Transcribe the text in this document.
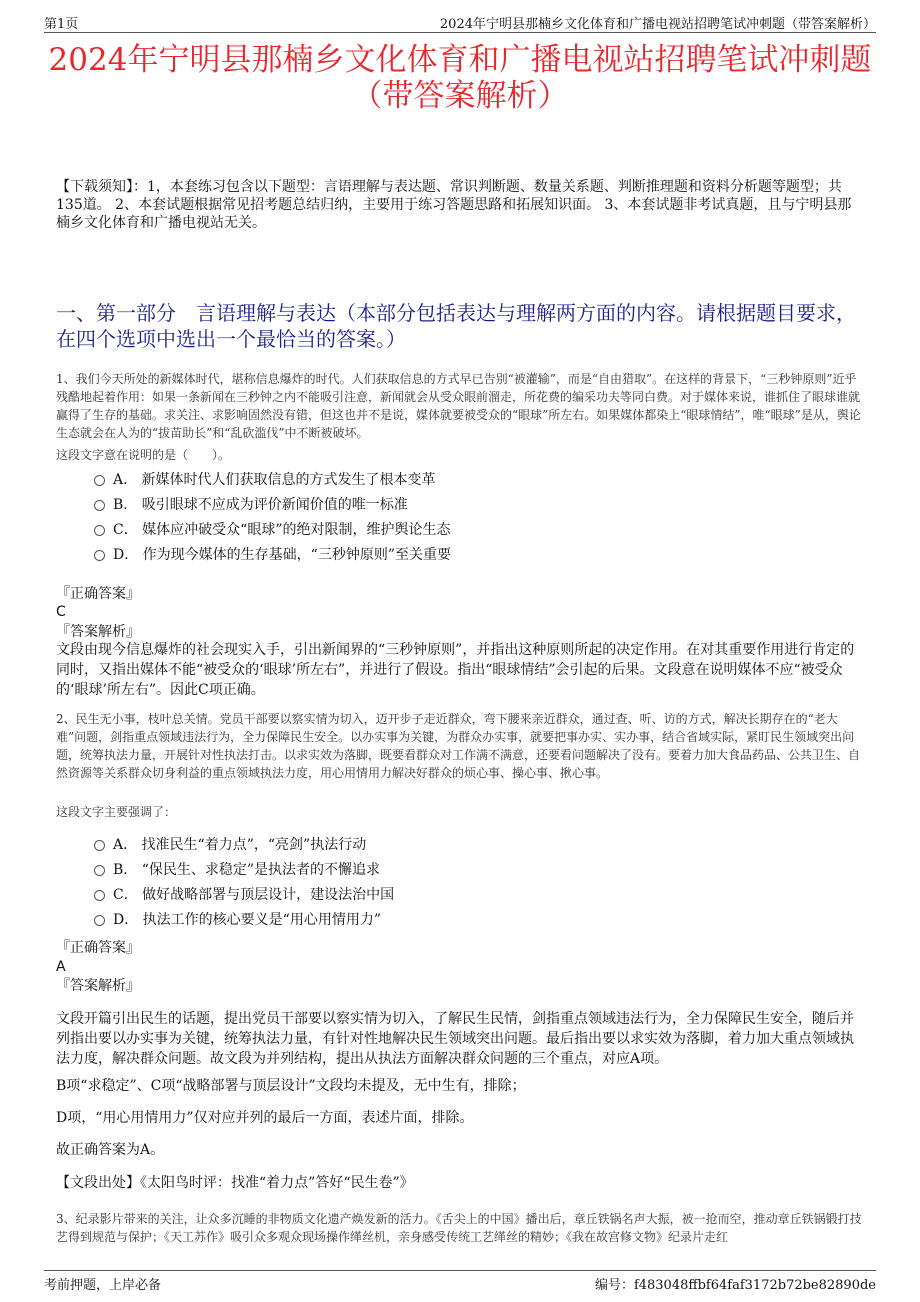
第1页	2024年宁明县那楠乡文化体育和广播电视站招聘笔试冲刺题（带答案解析）
2024年宁明县那楠乡文化体育和广播电视站招聘笔试冲刺题
（带答案解析）
【下载须知】：1，本套练习包含以下题型：言语理解与表达题、常识判断题、数量关系题、判断推理题和资料分析题等题型；共135道。 2、本套试题根据常见招考题总结归纳，主要用于练习答题思路和拓展知识面。 3、本套试题非考试真题，且与宁明县那楠乡文化体育和广播电视站无关。
一、第一部分　言语理解与表达（本部分包括表达与理解两方面的内容。请根据题目要求，在四个选项中选出一个最恰当的答案。）
1、我们今天所处的新媒体时代，堪称信息爆炸的时代。人们获取信息的方式早已告别“被灌输”，而是“自由猎取”。在这样的背景下，“三秒钟原则”近乎残酷地起着作用：如果一条新闻在三秒钟之内不能吸引注意，新闻就会从受众眼前溜走，所花费的编采功夫等同白费。对于媒体来说，谁抓住了眼球谁就赢得了生存的基础。求关注、求影响固然没有错，但这也并不是说，媒体就要被受众的“眼球”所左右。如果媒体都染上“眼球情结”，唯“眼球”是从，舆论生态就会在人为的“拔苗助长”和“乱砍滥伐”中不断被破坏。
这段文字意在说明的是（　　）。
A． 新媒体时代人们获取信息的方式发生了根本变革
B． 吸引眼球不应成为评价新闻价值的唯一标准
C． 媒体应冲破受众“眼球”的绝对限制，维护舆论生态
D． 作为现今媒体的生存基础，“三秒钟原则”至关重要
『正确答案』
C
『答案解析』
文段由现今信息爆炸的社会现实入手，引出新闻界的“三秒钟原则”，并指出这种原则所起的决定作用。在对其重要作用进行肯定的同时，又指出媒体不能“被受众的‘眼球’所左右”，并进行了假设。指出“眼球情结”会引起的后果。文段意在说明媒体不应“被受众的‘眼球’所左右”。因此C项正确。
2、民生无小事，枝叶总关情。党员干部要以察实情为切入，迈开步子走近群众，弯下腰来亲近群众，通过查、听、访的方式，解决长期存在的“老大难”问题，剑指重点领域违法行为，全力保障民生安全。以办实事为关键，为群众办实事，就要把事办实、实办事，结合省域实际，紧盯民生领域突出问题，统筹执法力量，开展针对性执法打击。以求实效为落脚，既要看群众对工作满不满意，还要看问题解决了没有。要着力加大食品药品、公共卫生、自然资源等关系群众切身利益的重点领域执法力度，用心用情用力解决好群众的烦心事、操心事、揪心事。
这段文字主要强调了：
A． 找准民生“着力点”，“亮剑”执法行动
B． “保民生、求稳定”是执法者的不懈追求
C． 做好战略部署与顶层设计，建设法治中国
D． 执法工作的核心要义是“用心用情用力”
『正确答案』
A
『答案解析』
文段开篇引出民生的话题，提出党员干部要以察实情为切入，了解民生民情，剑指重点领域违法行为，全力保障民生安全，随后并列指出要以办实事为关键，统筹执法力量，有针对性地解决民生领域突出问题。最后指出要以求实效为落脚，着力加大重点领域执法力度，解决群众问题。故文段为并列结构，提出从执法方面解决群众问题的三个重点，对应A项。
B项“求稳定”、C项“战略部署与顶层设计”文段均未提及，无中生有，排除；
D项，“用心用情用力”仅对应并列的最后一方面，表述片面，排除。
故正确答案为A。
【文段出处】《太阳鸟时评：找准“着力点”答好“民生卷”》
3、纪录影片带来的关注，让众多沉睡的非物质文化遗产焕发新的活力。《舌尖上的中国》播出后，章丘铁锅名声大振，被一抢而空，推动章丘铁锅锻打技艺得到规范与保护；《天工苏作》吸引众多观众现场操作缂丝机，亲身感受传统工艺缂丝的精妙；《我在故宫修文物》纪录片走红
考前押题，上岸必备	编号：f483048ffbf64faf3172b72be82890de
